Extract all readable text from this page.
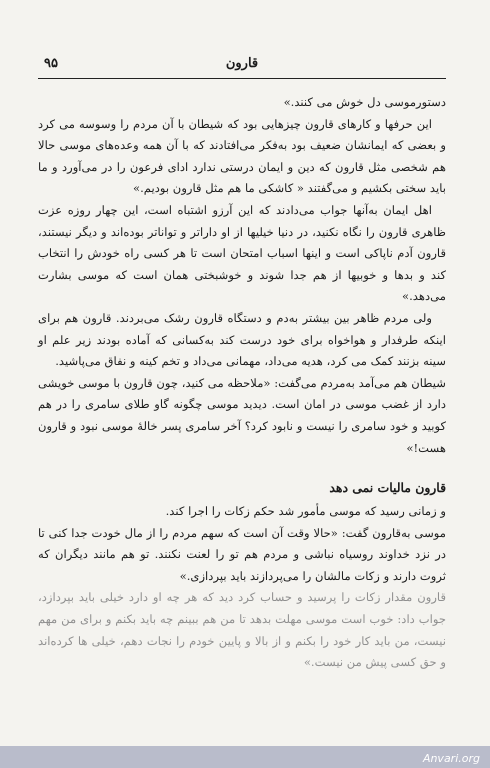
قارون
۹۵

دستورموسی دل خوش می کنند.»

این حرفها و کارهای قارون چیزهایی بود که شیطان با آن مردم را وسوسه می کرد و بعضی که ایمانشان ضعیف بود به‌فکر می‌افتادند که با آن همه وعده‌های موسی حالا هم شخصی مثل قارون که دین و ایمان درستی ندارد ادای فرعون را در می‌آورد و ما باید سختی بکشیم و می‌گفتند « کاشکی ما هم مثل قارون بودیم.»

اهل ایمان به‌آنها جواب می‌دادند که این آرزو اشتباه است، این چهار روزه عزت ظاهری قارون را نگاه نکنید، در دنیا خیلیها از او دارا‌تر و توانا‌تر بوده‌اند و دیگر نیستند، قارون آدم ناپاکی است و اینها اسباب امتحان است تا هر کسی راه خودش را انتخاب کند و بدها و خوبیها از هم جدا شوند و خوشبختی همان است که موسی بشارت می‌دهد.»

ولی مردم ظاهر بین بیشتر به‌دم و دستگاه قارون رشک می‌بردند. قارون هم برای اینکه طرفدار و هواخواه برای خود درست کند به‌کسانی که آماده بودند زیر علم او سینه بزنند کمک می کرد، هدیه می‌داد، مهمانی می‌داد و تخم کینه و نفاق می‌پاشید.

شیطان هم می‌آمد به‌مردم می‌گفت: «ملاحظه می کنید، چون قارون با موسی خویشی دارد از غضب موسی در امان است. دیدید موسی چگونه گاو طلای سامری را در هم کوبید و خود سامری را نیست و نابود کرد؟ آخر سامری پسر خالهٔ موسی نبود و قارون هست!»

قارون مالیات نمی دهد

و زمانی رسید که موسی مأمور شد حکم زکات را اجرا کند.

موسی به‌قارون گفت: «حالا وقت آن است که سهم مردم را از مال خودت جدا کنی تا در نزد خداوند روسیاه نباشی و مردم هم تو را لعنت نکنند. تو هم مانند دیگران که ثروت دارند و زکات مالشان را می‌پردازند باید بپردازی.»

قارون مقدار زکات را پرسید و حساب کرد دید که هر چه او دارد خیلی باید بپردازد، جواب داد: خوب است موسی مهلت بدهد تا من هم ببینم چه باید بکنم و برای من مهم نیست، من باید کار خود را بکنم و از بالا و پایین خودم را نجات دهم، خیلی ها کرده‌اند و حق کسی پیش من نیست.»

Anvari.org
